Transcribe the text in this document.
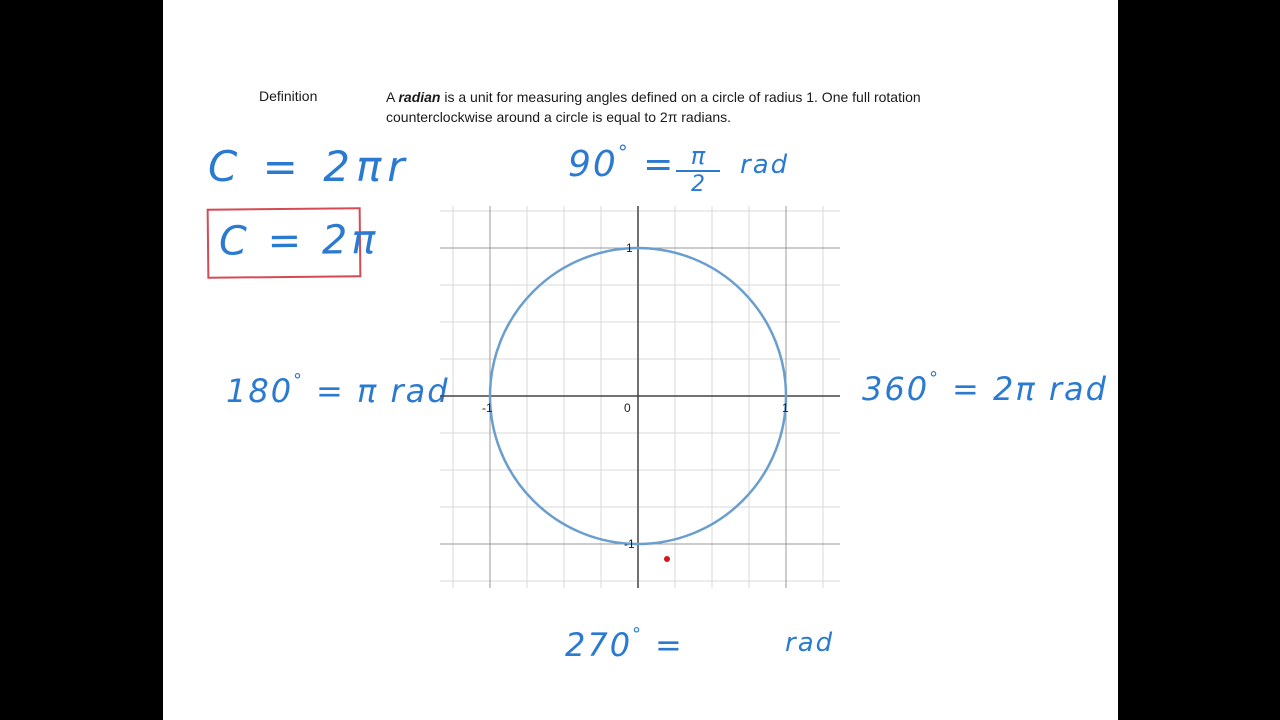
Definition	A radian is a unit for measuring angles defined on a circle of radius 1. One full rotation
counterclockwise around a circle is equal to 2π radians.
C = 2πr
C = 2π
90° = π
2
rad
180° = π rad	360° = 2π rad
270° =	rad
-1	1
1
-1
0
